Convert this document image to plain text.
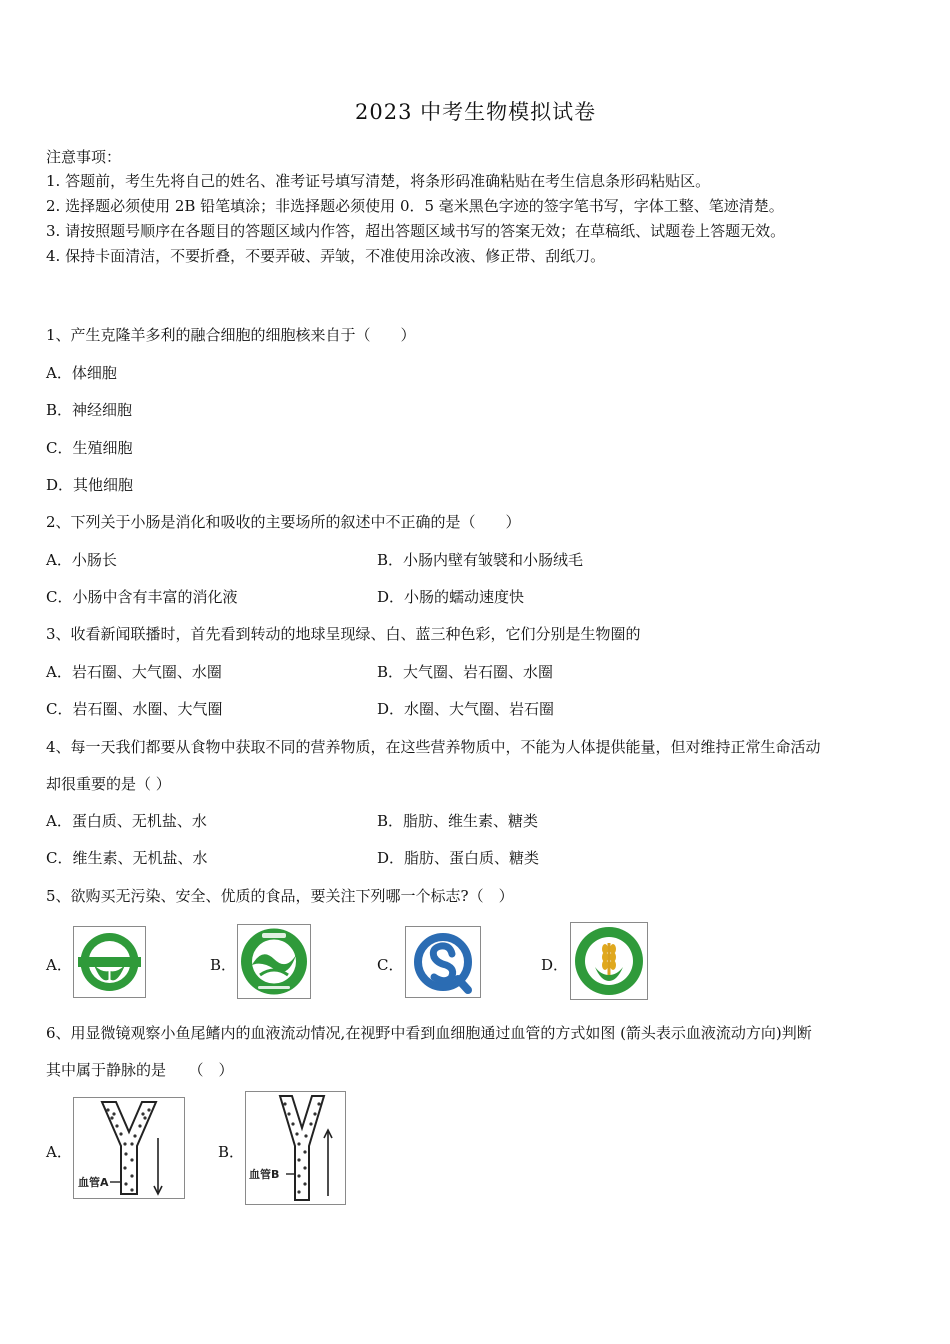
2023 中考生物模拟试卷
注意事项：
1. 答题前，考生先将自己的姓名、准考证号填写清楚，将条形码准确粘贴在考生信息条形码粘贴区。
2. 选择题必须使用 2B 铅笔填涂；非选择题必须使用 0．5 毫米黑色字迹的签字笔书写，字体工整、笔迹清楚。
3. 请按照题号顺序在各题目的答题区域内作答，超出答题区域书写的答案无效；在草稿纸、试题卷上答题无效。
4. 保持卡面清洁，不要折叠，不要弄破、弄皱，不准使用涂改液、修正带、刮纸刀。
1、产生克隆羊多利的融合细胞的细胞核来自于（　　）
A．体细胞
B．神经细胞
C．生殖细胞
D．其他细胞
2、下列关于小肠是消化和吸收的主要场所的叙述中不正确的是（　　）
A．小肠长	B．小肠内壁有皱襞和小肠绒毛
C．小肠中含有丰富的消化液	D．小肠的蠕动速度快
3、收看新闻联播时，首先看到转动的地球呈现绿、白、蓝三种色彩，它们分别是生物圈的
A．岩石圈、大气圈、水圈	B．大气圈、岩石圈、水圈
C．岩石圈、水圈、大气圈	D．水圈、大气圈、岩石圈
4、每一天我们都要从食物中获取不同的营养物质，在这些营养物质中，不能为人体提供能量，但对维持正常生命活动
却很重要的是（ ）
A．蛋白质、无机盐、水	B．脂肪、维生素、糖类
C．维生素、无机盐、水	D．脂肪、蛋白质、糖类
5、欲购买无污染、安全、优质的食品，要关注下列哪一个标志?（　）
A．	B．	C．	D．
6、用显微镜观察小鱼尾鳍内的血液流动情况,在视野中看到血细胞通过血管的方式如图 (箭头表示血液流动方向)判断
其中属于静脉的是　　（　）
A．
血管A
B．
血管B
